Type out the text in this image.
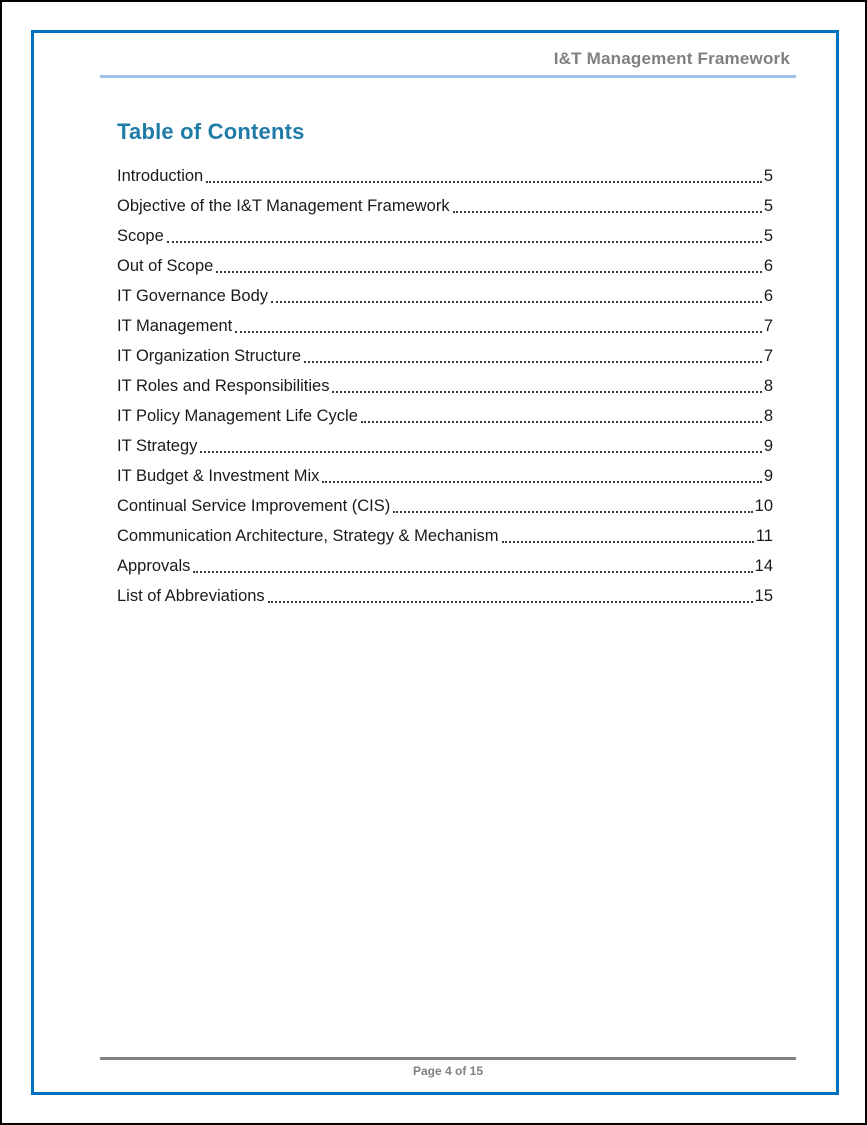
I&T Management Framework
Table of Contents
Introduction	5
Objective of the I&T Management Framework	5
Scope	5
Out of Scope	6
IT Governance Body	6
IT Management	7
IT Organization Structure	7
IT Roles and Responsibilities	8
IT Policy Management Life Cycle	8
IT Strategy	9
IT Budget & Investment Mix	9
Continual Service Improvement (CIS)	10
Communication Architecture, Strategy & Mechanism	11
Approvals	14
List of Abbreviations	15
Page 4 of 15
